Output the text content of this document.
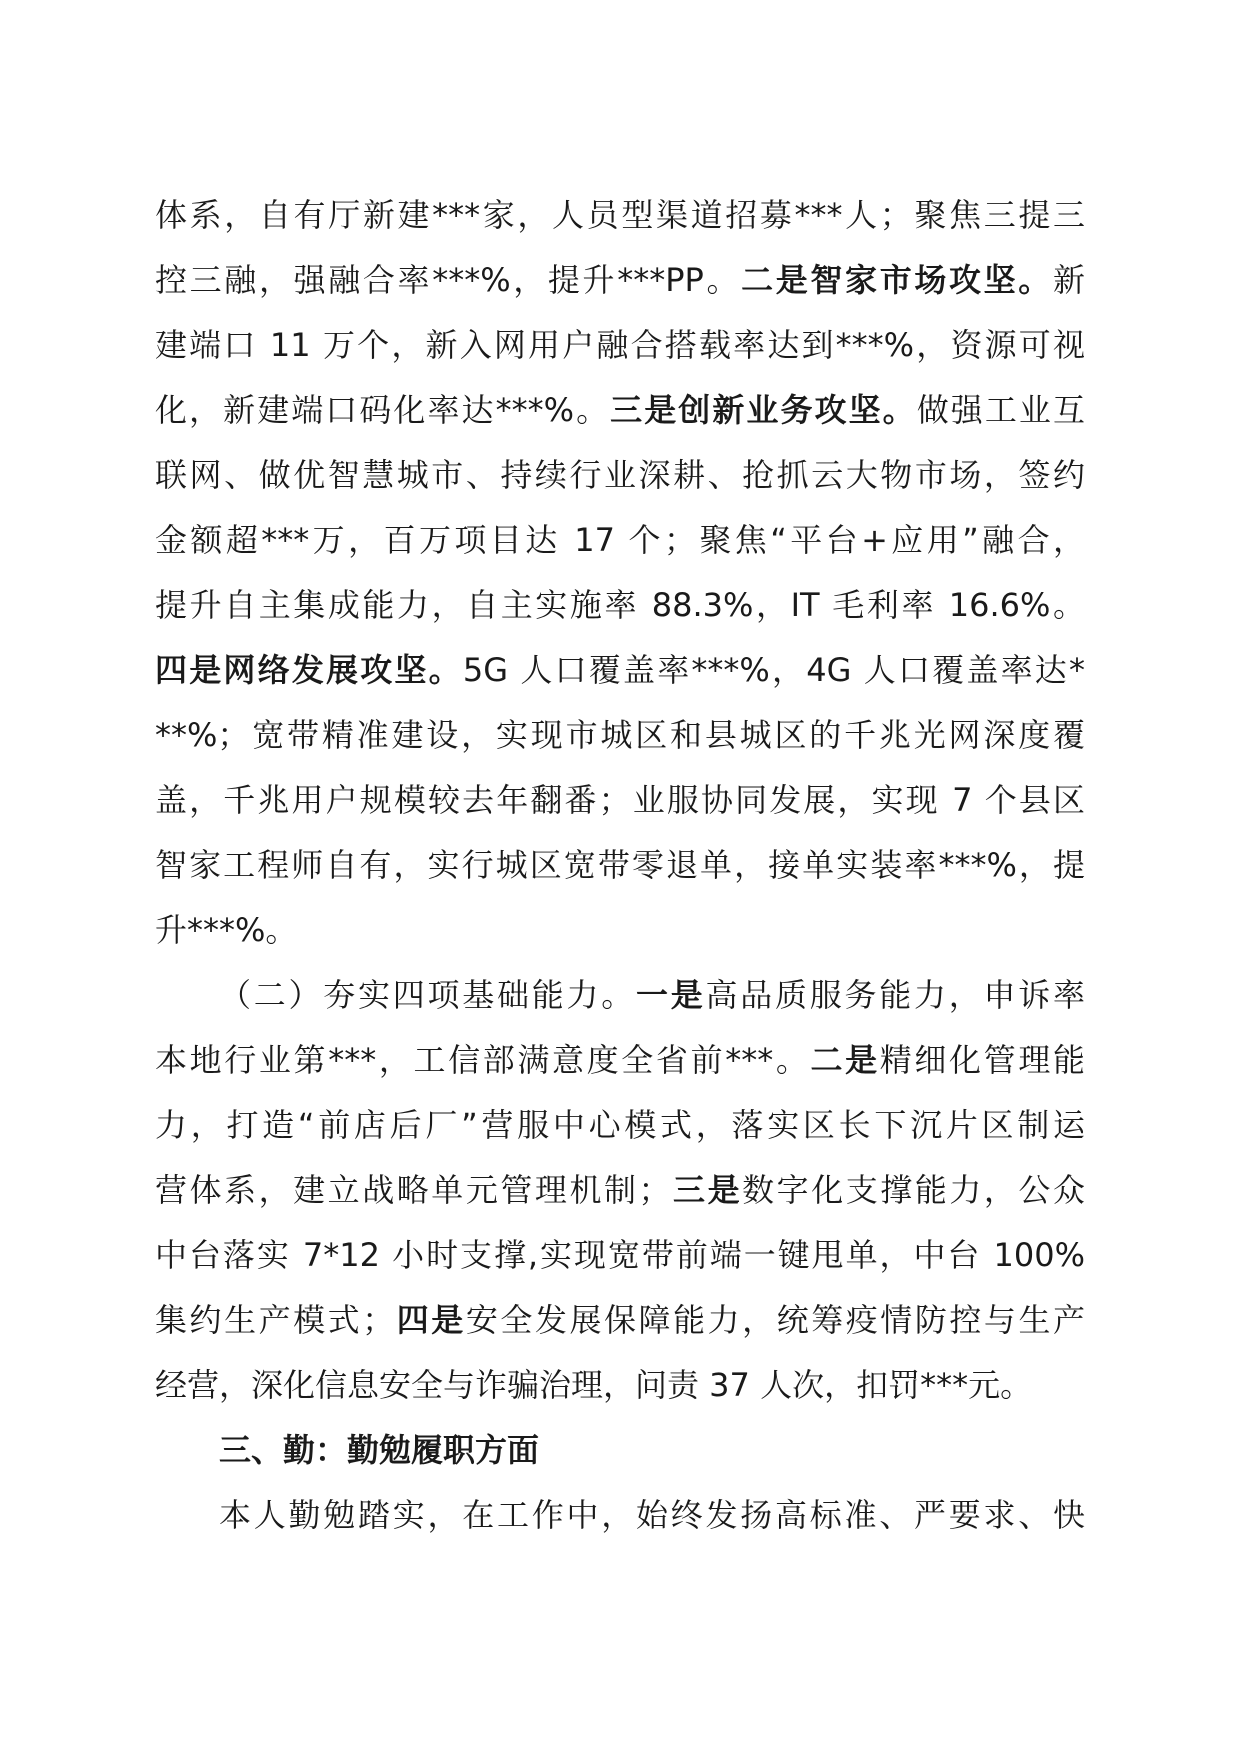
体系，自有厅新建***家，人员型渠道招募***人；聚焦三提三
控三融，强融合率***%，提升***PP。二是智家市场攻坚。新
建端口 11 万个，新入网用户融合搭载率达到***%，资源可视
化，新建端口码化率达***%。三是创新业务攻坚。做强工业互
联网、做优智慧城市、持续行业深耕、抢抓云大物市场，签约
金额超***万，百万项目达 17 个；聚焦“平台+应用”融合，
提升自主集成能力，自主实施率 88.3%，IT 毛利率 16.6%。
四是网络发展攻坚。5G 人口覆盖率***%，4G 人口覆盖率达*
**%；宽带精准建设，实现市城区和县城区的千兆光网深度覆
盖，千兆用户规模较去年翻番；业服协同发展，实现 7 个县区
智家工程师自有，实行城区宽带零退单，接单实装率***%，提
升***%。
（二）夯实四项基础能力。一是高品质服务能力，申诉率
本地行业第***，工信部满意度全省前***。二是精细化管理能
力，打造“前店后厂”营服中心模式，落实区长下沉片区制运
营体系，建立战略单元管理机制；三是数字化支撑能力，公众
中台落实 7*12 小时支撑,实现宽带前端一键甩单，中台 100%
集约生产模式；四是安全发展保障能力，统筹疫情防控与生产
经营，深化信息安全与诈骗治理，问责 37 人次，扣罚***元。
三、勤：勤勉履职方面
本人勤勉踏实，在工作中，始终发扬高标准、严要求、快
